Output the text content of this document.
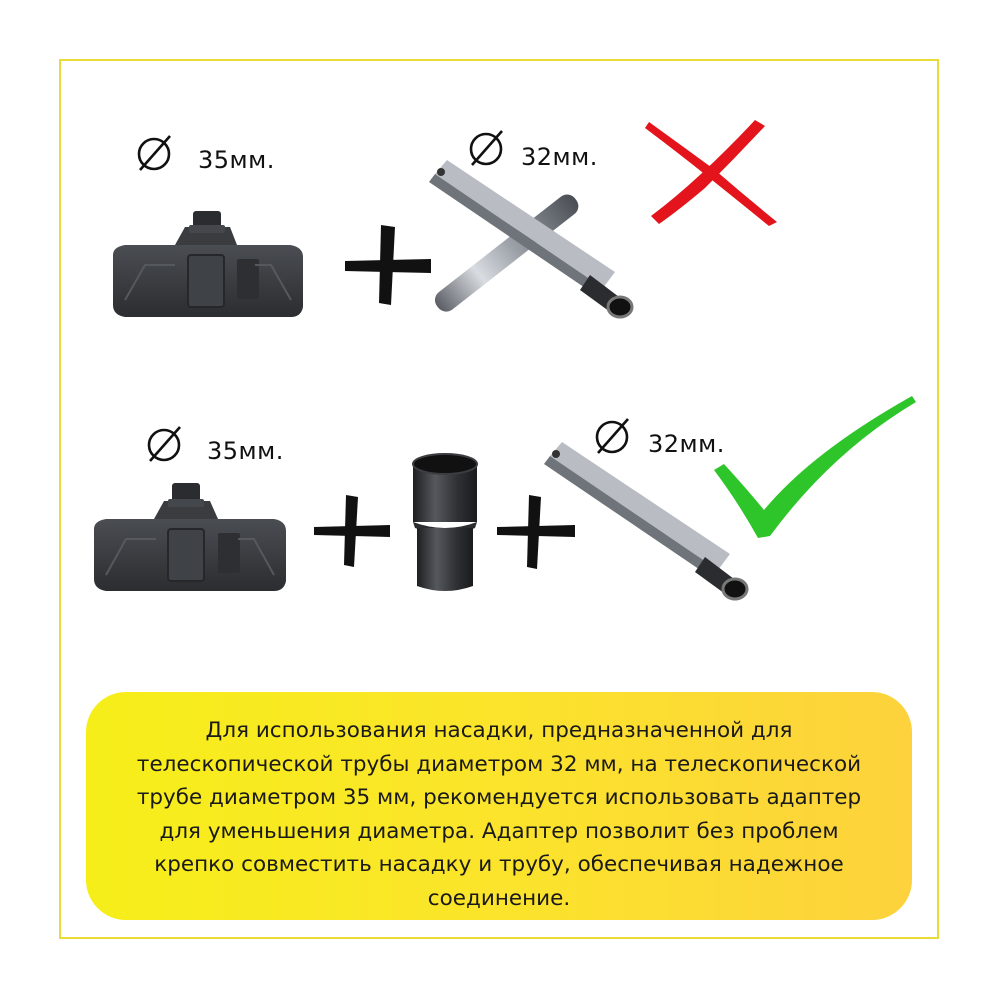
35мм.	32мм.
35мм.	32мм.

Для использования насадки, предназначенной для телескопической трубы диаметром 32 мм, на телескопической трубе диаметром 35 мм, рекомендуется использовать адаптер для уменьшения диаметра. Адаптер позволит без проблем крепко совместить насадку и трубу, обеспечивая надежное соединение.
